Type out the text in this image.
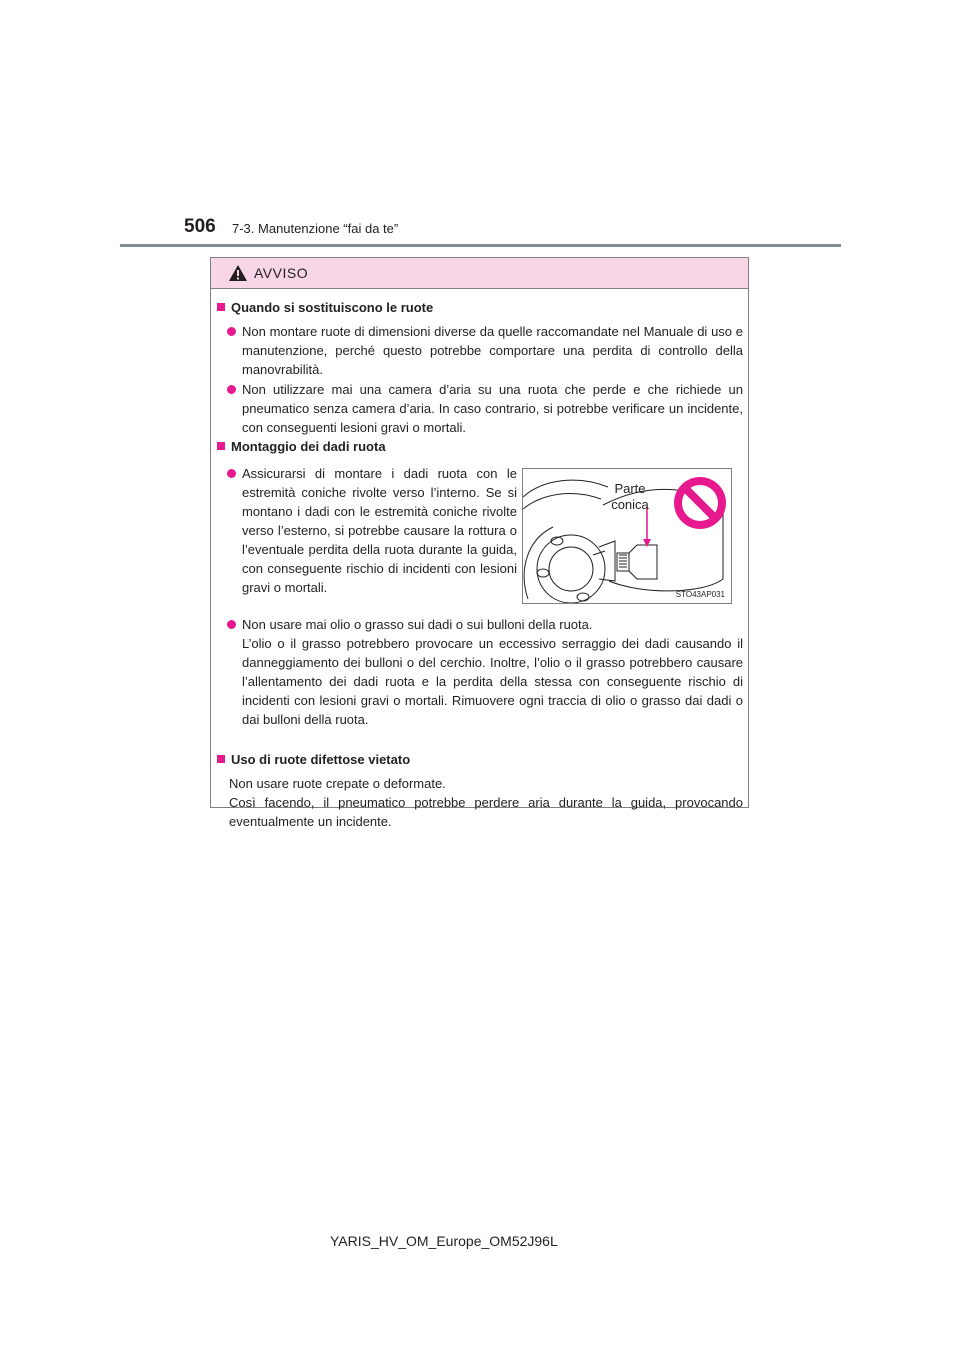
506 7-3. Manutenzione “fai da te”
AVVISO
Quando si sostituiscono le ruote
Non montare ruote di dimensioni diverse da quelle raccomandate nel Manuale di uso e manutenzione, perché questo potrebbe comportare una perdita di controllo della manovrabilità.
Non utilizzare mai una camera d’aria su una ruota che perde e che richiede un pneumatico senza camera d’aria. In caso contrario, si potrebbe verificare un incidente, con conseguenti lesioni gravi o mortali.
Montaggio dei dadi ruota
Assicurarsi di montare i dadi ruota con le estremità coniche rivolte verso l’interno. Se si montano i dadi con le estremità coniche rivolte verso l’esterno, si potrebbe causare la rottura o l’eventuale perdita della ruota durante la guida, con conseguente rischio di incidenti con lesioni gravi o mortali.
Parte
conica
STO43AP031
Non usare mai olio o grasso sui dadi o sui bulloni della ruota.
L’olio o il grasso potrebbero provocare un eccessivo serraggio dei dadi causando il danneggiamento dei bulloni o del cerchio. Inoltre, l’olio o il grasso potrebbero causare l’allentamento dei dadi ruota e la perdita della stessa con conseguente rischio di incidenti con lesioni gravi o mortali. Rimuovere ogni traccia di olio o grasso dai dadi o dai bulloni della ruota.
Uso di ruote difettose vietato
Non usare ruote crepate o deformate.
Così facendo, il pneumatico potrebbe perdere aria durante la guida, provocando eventualmente un incidente.
YARIS_HV_OM_Europe_OM52J96L
